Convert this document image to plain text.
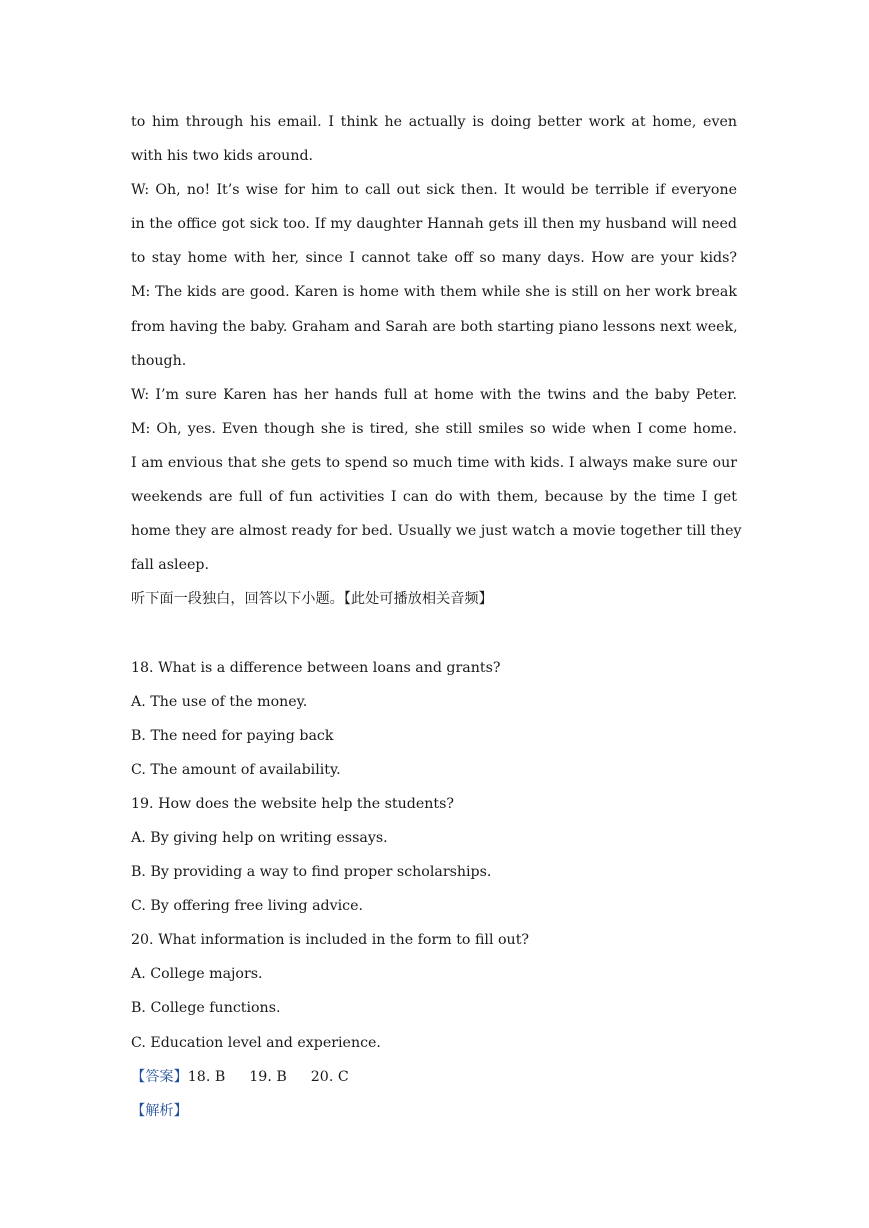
to him through his email. I think he actually is doing better work at home, even
with his two kids around.
W: Oh, no! It’s wise for him to call out sick then. It would be terrible if everyone
in the office got sick too. If my daughter Hannah gets ill then my husband will need
to stay home with her, since I cannot take off so many days. How are your kids?
M: The kids are good. Karen is home with them while she is still on her work break
from having the baby. Graham and Sarah are both starting piano lessons next week,
though.
W: I’m sure Karen has her hands full at home with the twins and the baby Peter.
M: Oh, yes. Even though she is tired, she still smiles so wide when I come home.
I am envious that she gets to spend so much time with kids. I always make sure our
weekends are full of fun activities I can do with them, because by the time I get
home they are almost ready for bed. Usually we just watch a movie together till they
fall asleep.
听下面一段独白，回答以下小题。【此处可播放相关音频】
18. What is a difference between loans and grants?
A. The use of the money.
B. The need for paying back
C. The amount of availability.
19. How does the website help the students?
A. By giving help on writing essays.
B. By providing a way to find proper scholarships.
C. By offering free living advice.
20. What information is included in the form to fill out?
A. College majors.
B. College functions.
C. Education level and experience.
【答案】18. B 19. B 20. C
【解析】
